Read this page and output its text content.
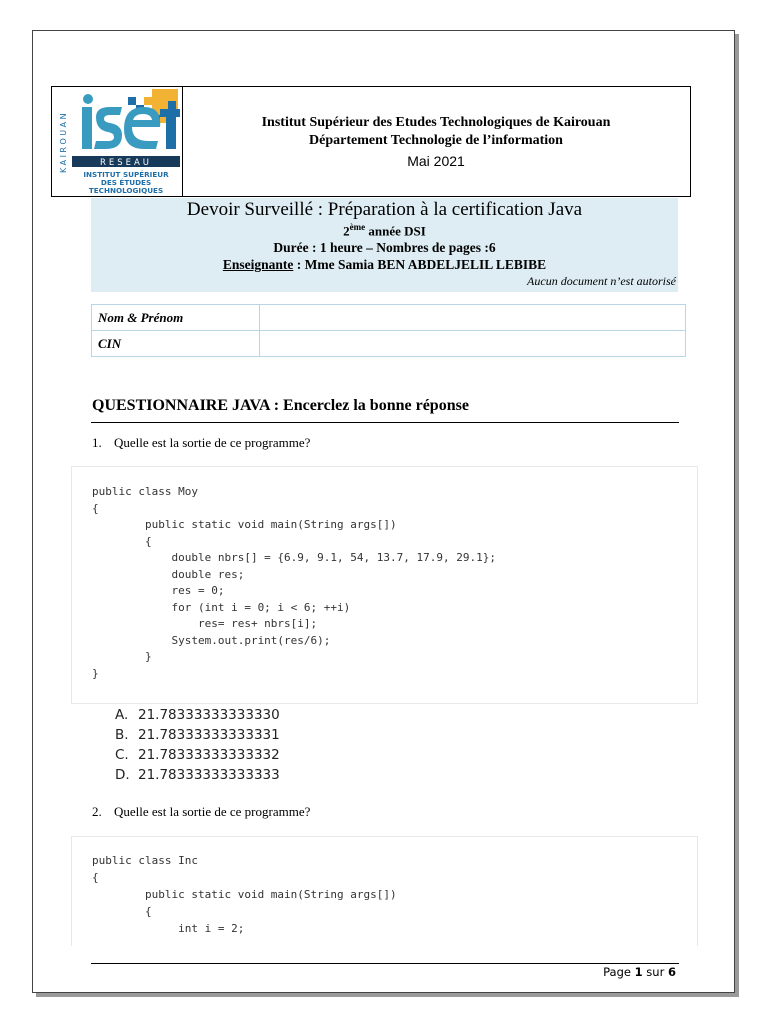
RESEAU
INSTITUT SUPÉRIEUR
DES ÉTUDES
TECHNOLOGIQUES
KAIROUAN	Institut Supérieur des Etudes Technologiques de Kairouan
Département Technologie de l’information
Mai 2021
Devoir Surveillé : Préparation à la certification Java
2ème année DSI
Durée : 1 heure – Nombres de pages :6
Enseignante : Mme Samia BEN ABDELJELIL LEBIBE
Aucun document n’est autorisé
Nom & Prénom	
CIN	
QUESTIONNAIRE JAVA : Encerclez la bonne réponse
1. Quelle est la sortie de ce programme?
public class Moy
{
public static void main(String args[])
{
double nbrs[] = {6.9, 9.1, 54, 13.7, 17.9, 29.1};
double res;
res = 0;
for (int i = 0; i < 6; ++i)
res= res+ nbrs[i];
System.out.print(res/6);
}
}
A. 21.78333333333330
B. 21.78333333333331
C. 21.78333333333332
D. 21.78333333333333
2. Quelle est la sortie de ce programme?
public class Inc
{
public static void main(String args[])
{
int i = 2;
Page 1 sur 6
